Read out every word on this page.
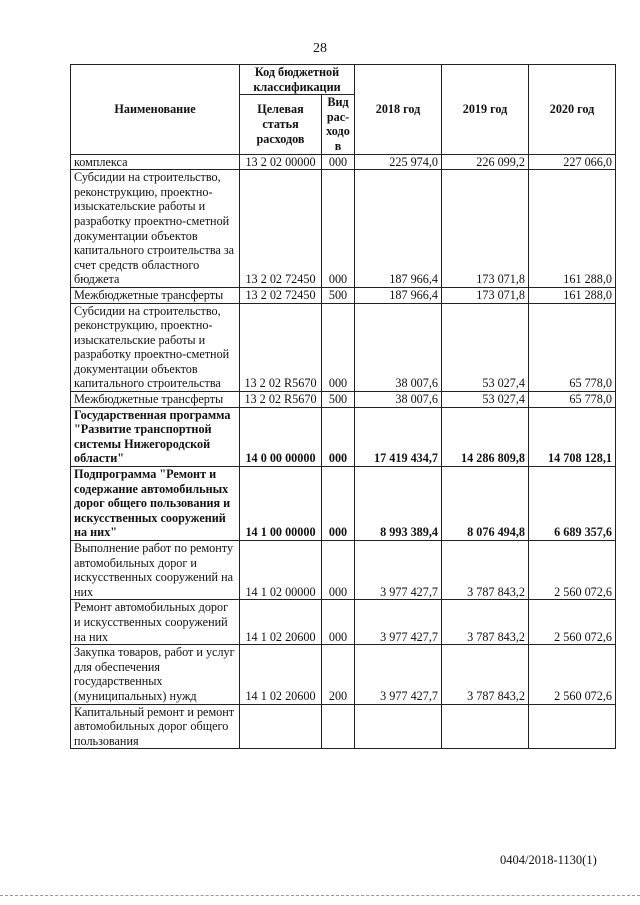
28
Наименование	Код бюджетной классификации		2018 год	2019 год	2020 год
	Целевая статья расходов	Вид рас-ходов			
комплекса	13 2 02 00000	000	225 974,0	226 099,2	227 066,0
Субсидии на строительство, реконструкцию, проектно-изыскательские работы и разработку проектно-сметной документации объектов капитального строительства за счет средств областного бюджета	13 2 02 72450	000	187 966,4	173 071,8	161 288,0
Межбюджетные трансферты	13 2 02 72450	500	187 966,4	173 071,8	161 288,0
Субсидии на строительство, реконструкцию, проектно-изыскательские работы и разработку проектно-сметной документации объектов капитального строительства	13 2 02 R5670	000	38 007,6	53 027,4	65 778,0
Межбюджетные трансферты	13 2 02 R5670	500	38 007,6	53 027,4	65 778,0
Государственная программа "Развитие транспортной системы Нижегородской области"	14 0 00 00000	000	17 419 434,7	14 286 809,8	14 708 128,1
Подпрограмма "Ремонт и содержание автомобильных дорог общего пользования и искусственных сооружений на них"	14 1 00 00000	000	8 993 389,4	8 076 494,8	6 689 357,6
Выполнение работ по ремонту автомобильных дорог и искусственных сооружений на них	14 1 02 00000	000	3 977 427,7	3 787 843,2	2 560 072,6
Ремонт автомобильных дорог и искусственных сооружений на них	14 1 02 20600	000	3 977 427,7	3 787 843,2	2 560 072,6
Закупка товаров, работ и услуг для обеспечения государственных (муниципальных) нужд	14 1 02 20600	200	3 977 427,7	3 787 843,2	2 560 072,6
Капитальный ремонт и ремонт автомобильных дорог общего пользования					
0404/2018-1130(1)
